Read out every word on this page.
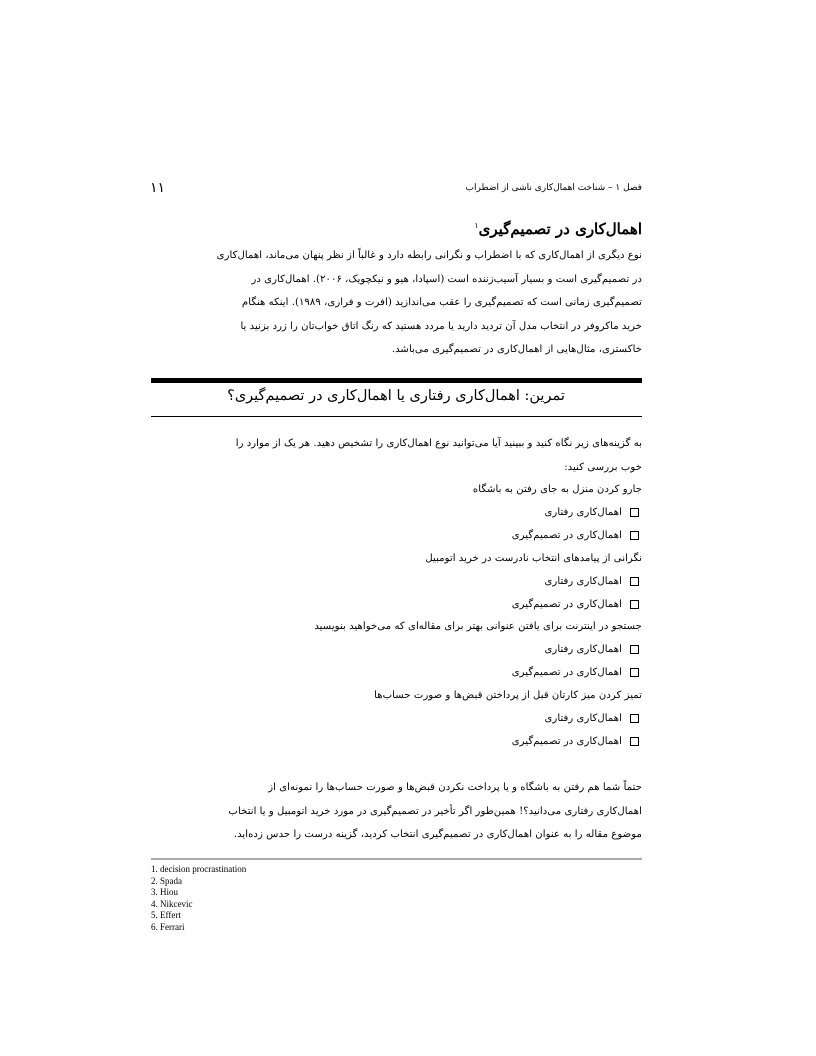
۱۱	فصل ۱ – شناخت اهمال‌کاری ناشی از اضطراب
اهمال‌کاری در تصمیم‌گیری$^۱$
نوع دیگری از اهمال‌کاری که با اضطراب و نگرانی رابطه دارد و غالباً از نظر پنهان می‌ماند، اهمال‌کاری
در تصمیم‌گیری است و بسیار آسیب‌زننده است (اسپادا، هیو و نیکچویک، ۲۰۰۶). اهمال‌کاری در
تصمیم‌گیری زمانی است که تصمیم‌گیری را عقب می‌اندازید (افرت و فراری، ۱۹۸۹). اینکه هنگام
خرید ماکروفر در انتخاب مدل آن تردید دارید یا مردد هستید که رنگ اتاق خواب‌تان را زرد بزنید یا
خاکستری، مثال‌هایی از اهمال‌کاری در تصمیم‌گیری می‌باشد.
تمرین: اهمال‌کاری رفتاری یا اهمال‌کاری در تصمیم‌گیری؟
به گزینه‌های زیر نگاه کنید و ببینید آیا می‌توانید نوع اهمال‌کاری را تشخیص دهید. هر یک از موارد را
خوب بررسی کنید:
جارو کردن منزل به جای رفتن به باشگاه
اهمال‌کاری رفتاری
اهمال‌کاری در تصمیم‌گیری
نگرانی از پیامدهای انتخاب نادرست در خرید اتومبیل
اهمال‌کاری رفتاری
اهمال‌کاری در تصمیم‌گیری
جستجو در اینترنت برای یافتن عنوانی بهتر برای مقاله‌ای که می‌خواهید بنویسید
اهمال‌کاری رفتاری
اهمال‌کاری در تصمیم‌گیری
تمیز کردن میز کارتان قبل از پرداختن قبض‌ها و صورت حساب‌ها
اهمال‌کاری رفتاری
اهمال‌کاری در تصمیم‌گیری
حتماً شما هم رفتن به باشگاه و یا پرداخت نکردن قبض‌ها و صورت حساب‌ها را نمونه‌ای از
اهمال‌کاری رفتاری می‌دانید؟! همین‌طور اگر تأخیر در تصمیم‌گیری در مورد خرید اتومبیل و یا انتخاب
موضوع مقاله را به عنوان اهمال‌کاری در تصمیم‌گیری انتخاب کردید، گزینه درست را حدس زده‌اید.
1. decision procrastination
2. Spada
3. Hiou
4. Nikcevic
5. Effert
6. Ferrari
